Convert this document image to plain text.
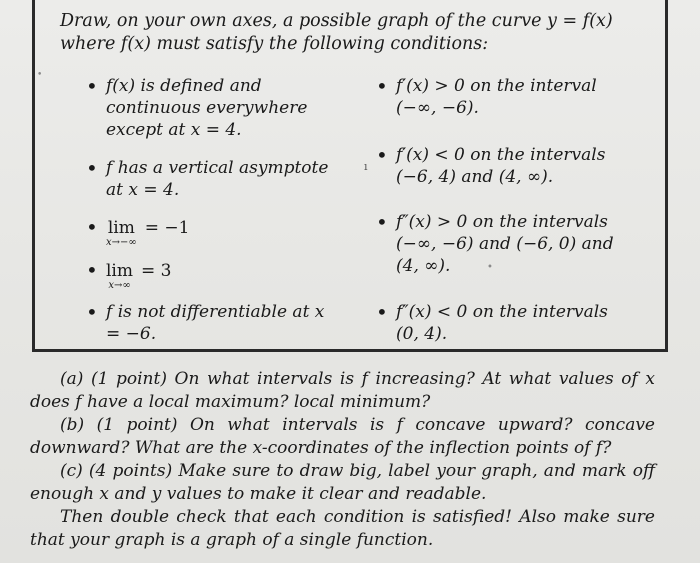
Draw, on your own axes, a possible graph of the curve y = f(x) where f(x) must satisfy the following conditions:
• f(x) is defined and continuous everywhere except at x = 4.
• f has a vertical asymptote at x = 4.
• lim
x→−∞
= −1
• lim
x→∞
= 3
• f is not differentiable at x = −6.
• f′(x) > 0 on the interval (−∞, −6).
• f′(x) < 0 on the intervals (−6, 4) and (4, ∞).
• f″(x) > 0 on the intervals (−∞, −6) and (−6, 0) and (4, ∞).
• f″(x) < 0 on the intervals (0, 4).
•
ı
•

(a) (1 point) On what intervals is f increasing? At what values of x does f have a local maximum? local minimum?

(b) (1 point) On what intervals is f concave upward? concave downward? What are the x-coordinates of the inflection points of f?

(c) (4 points) Make sure to draw big, label your graph, and mark off enough x and y values to make it clear and readable.

Then double check that each condition is satisfied! Also make sure that your graph is a graph of a single function.
